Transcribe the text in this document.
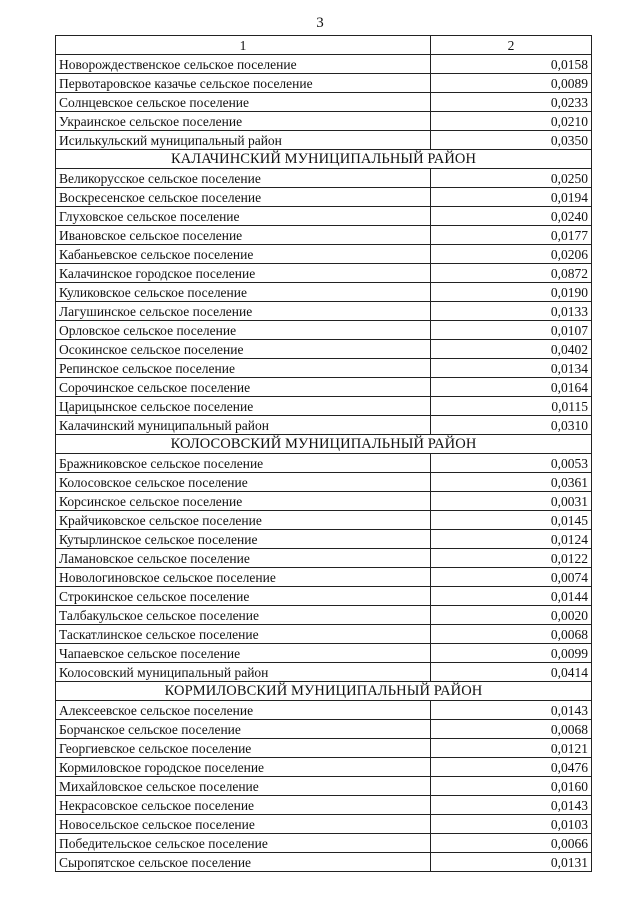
3
1	2
Новорождественское сельское поселение	0,0158
Первотаровское казачье сельское поселение	0,0089
Солнцевское сельское поселение	0,0233
Украинское сельское поселение	0,0210
Исилькульский муниципальный район	0,0350
КАЛАЧИНСКИЙ МУНИЦИПАЛЬНЫЙ РАЙОН	
Великорусское сельское поселение	0,0250
Воскресенское сельское поселение	0,0194
Глуховское сельское поселение	0,0240
Ивановское сельское поселение	0,0177
Кабаньевское сельское поселение	0,0206
Калачинское городское поселение	0,0872
Куликовское сельское поселение	0,0190
Лагушинское сельское поселение	0,0133
Орловское сельское поселение	0,0107
Осокинское сельское поселение	0,0402
Репинское сельское поселение	0,0134
Сорочинское сельское поселение	0,0164
Царицынское сельское поселение	0,0115
Калачинский муниципальный район	0,0310
КОЛОСОВСКИЙ МУНИЦИПАЛЬНЫЙ РАЙОН	
Бражниковское сельское поселение	0,0053
Колосовское сельское поселение	0,0361
Корсинское сельское поселение	0,0031
Крайчиковское сельское поселение	0,0145
Кутырлинское сельское поселение	0,0124
Ламановское сельское поселение	0,0122
Новологиновское сельское поселение	0,0074
Строкинское сельское поселение	0,0144
Талбакульское сельское поселение	0,0020
Таскатлинское сельское поселение	0,0068
Чапаевское сельское поселение	0,0099
Колосовский муниципальный район	0,0414
КОРМИЛОВСКИЙ МУНИЦИПАЛЬНЫЙ РАЙОН	
Алексеевское сельское поселение	0,0143
Борчанское сельское поселение	0,0068
Георгиевское сельское поселение	0,0121
Кормиловское городское поселение	0,0476
Михайловское сельское поселение	0,0160
Некрасовское сельское поселение	0,0143
Новосельское сельское поселение	0,0103
Победительское сельское поселение	0,0066
Сыропятское сельское поселение	0,0131
